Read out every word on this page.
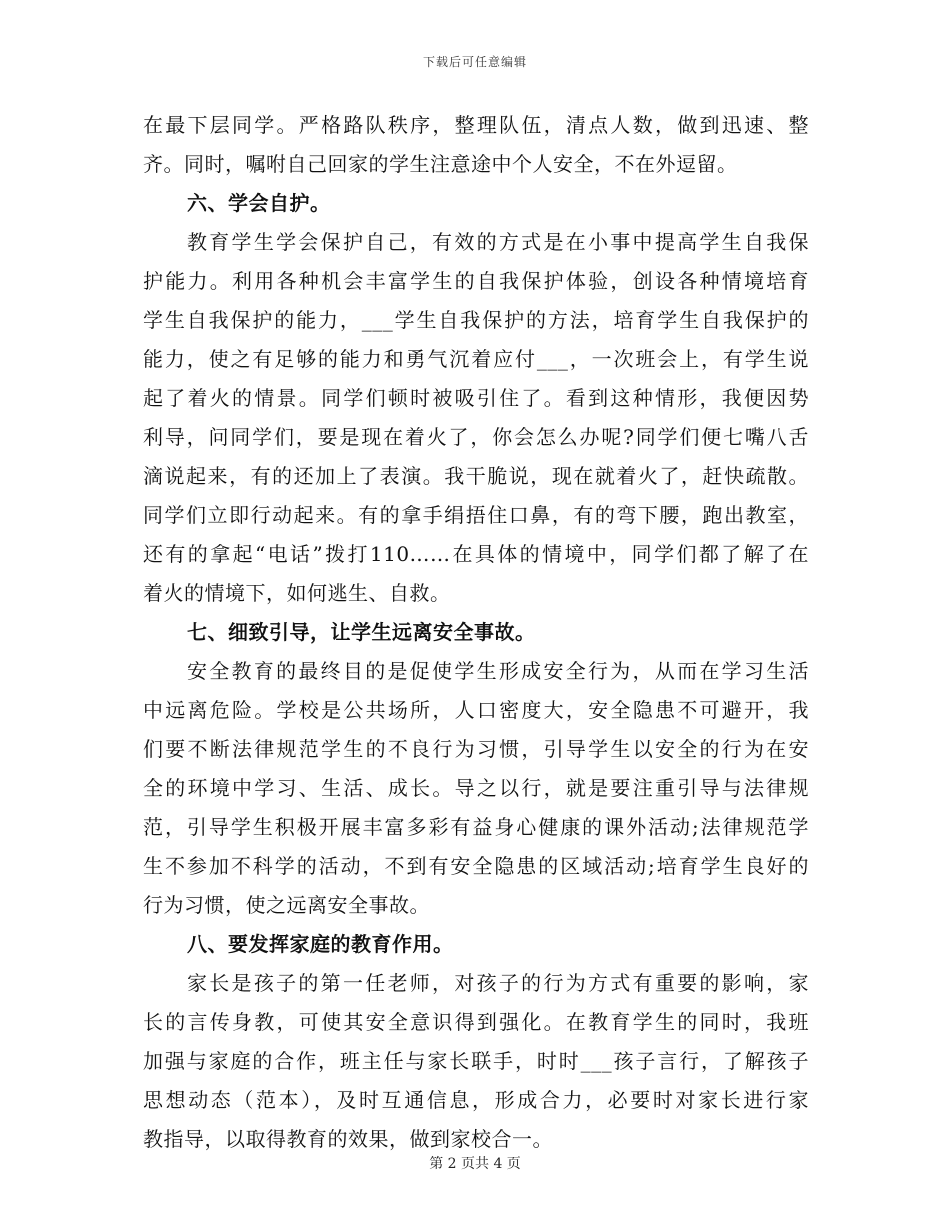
下载后可任意编辑
在最下层同学。严格路队秩序，整理队伍，清点人数，做到迅速、整
齐。同时，嘱咐自己回家的学生注意途中个人安全，不在外逗留。
六、学会自护。
教育学生学会保护自己，有效的方式是在小事中提高学生自我保
护能力。利用各种机会丰富学生的自我保护体验，创设各种情境培育
学生自我保护的能力，___学生自我保护的方法，培育学生自我保护的
能力，使之有足够的能力和勇气沉着应付___，一次班会上，有学生说
起了着火的情景。同学们顿时被吸引住了。看到这种情形，我便因势
利导，问同学们，要是现在着火了，你会怎么办呢?同学们便七嘴八舌
滴说起来，有的还加上了表演。我干脆说，现在就着火了，赶快疏散。
同学们立即行动起来。有的拿手绢捂住口鼻，有的弯下腰，跑出教室，
还有的拿起“电话”拨打110……在具体的情境中，同学们都了解了在
着火的情境下，如何逃生、自救。
七、细致引导，让学生远离安全事故。
安全教育的最终目的是促使学生形成安全行为，从而在学习生活
中远离危险。学校是公共场所，人口密度大，安全隐患不可避开，我
们要不断法律规范学生的不良行为习惯，引导学生以安全的行为在安
全的环境中学习、生活、成长。导之以行，就是要注重引导与法律规
范，引导学生积极开展丰富多彩有益身心健康的课外活动;法律规范学
生不参加不科学的活动，不到有安全隐患的区域活动;培育学生良好的
行为习惯，使之远离安全事故。
八、要发挥家庭的教育作用。
家长是孩子的第一任老师，对孩子的行为方式有重要的影响，家
长的言传身教，可使其安全意识得到强化。在教育学生的同时，我班
加强与家庭的合作，班主任与家长联手，时时___孩子言行，了解孩子
思想动态（范本），及时互通信息，形成合力，必要时对家长进行家
教指导，以取得教育的效果，做到家校合一。
第 2 页共 4 页
